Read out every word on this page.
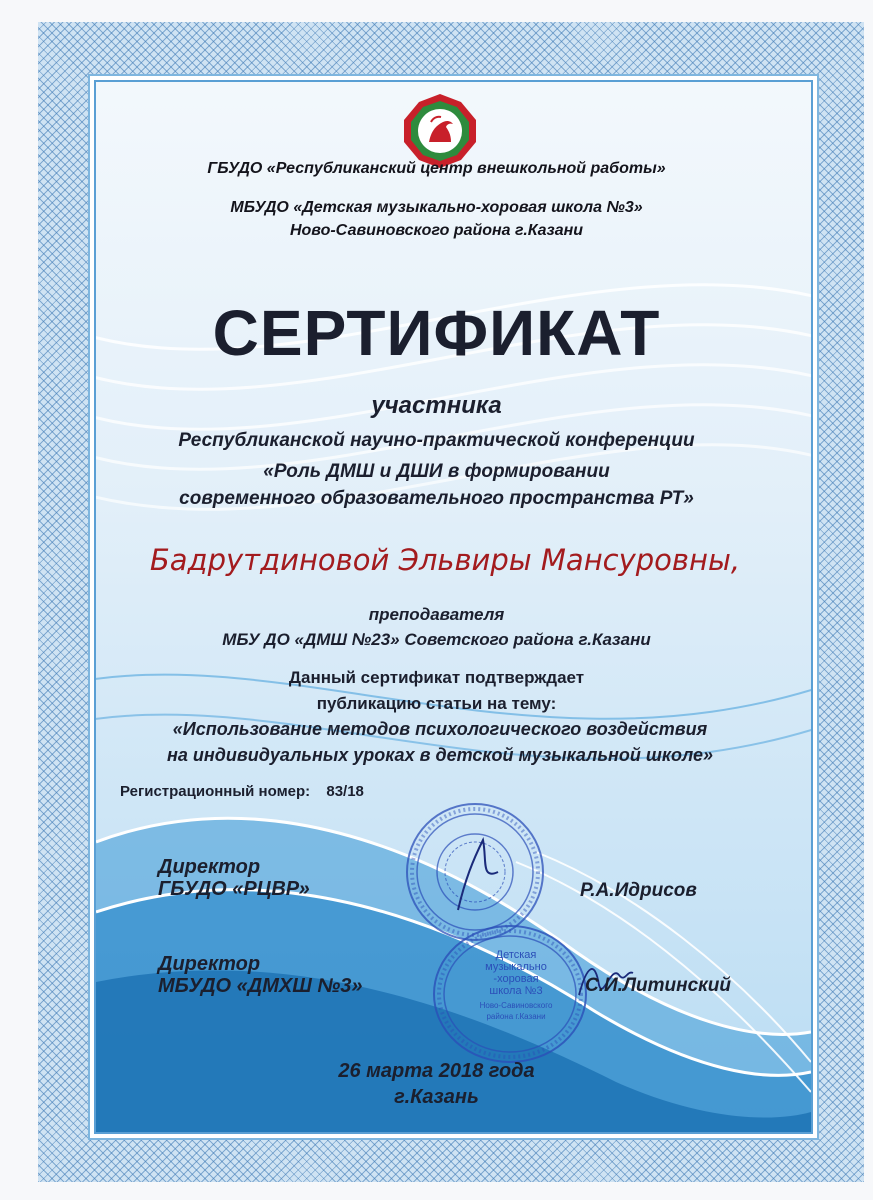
ГБУДО «Республиканский центр внешкольной работы»
МБУДО «Детская музыкально-хоровая школа №3»
Ново-Савиновского района г.Казани
СЕРТИФИКАТ
участника
Республиканской научно-практической конференции
«Роль ДМШ и ДШИ в формировании
современного образовательного пространства РТ»
Бадрутдиновой Эльвиры Мансуровны,
преподавателя
МБУ ДО «ДМШ №23» Советского района г.Казани
Данный сертификат подтверждает
публикацию статьи на тему:
«Использование методов психологического воздействия
на индивидуальных уроках в детской музыкальной школе»
Регистрационный номер: 83/18
Детская
музыкально
-хоровая
школа №3
Ново-Савиновского
района г.Казани
Директор
ГБУДО «РЦВР»	Р.А.Идрисов
Директор
МБУДО «ДМХШ №3»	С.И.Литинский
26 марта 2018 года
г.Казань
